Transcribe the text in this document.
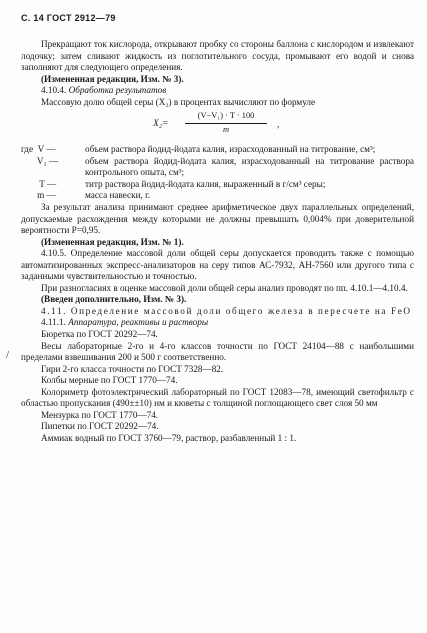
/
С. 14 ГОСТ 2912—79

Прекращают ток кислорода, открывают пробку со стороны баллона с кислородом и извлекают лодочку; затем сливают жидкость из поглотительного сосуда, промывают его водой и снова заполняют для следующего определения.

(Измененная редакция, Изм. № 3).

4.10.4. Обработка результатов

Массовую долю общей серы (X₂) в процентах вычисляют по формуле

$X_2= \frac{\text{(V−V₁) · T · 100}}{m}$ ,
где  V —	объем раствора йодид-йодата калия, израсходованный на титрование, см³;
V₁ —	объем раствора йодид-йодата калия, израсходованный на титрование раствора контрольного опыта, см³;
T —	титр раствора йодид-йодата калия, выраженный в г/см³ серы;
m —	масса навески, г.

За результат анализа принимают среднее арифметическое двух параллельных определений, допускаемые расхождения между которыми не должны превышать 0,004% при доверительной вероятности P=0,95.

(Измененная редакция, Изм. № 1).

4.10.5. Определение массовой доли общей серы допускается проводить также с помощью автоматизированных экспресс-анализаторов на серу типов АС-7932, АН-7560 или другого типа с заданными чувствительностью и точностью.

При разногласиях в оценке массовой доли общей серы анализ проводят по пп. 4.10.1—4.10.4.

(Введен дополнительно, Изм. № 3).

4.11. Определение массовой доли общего железа в пересчете на FeO

4.11.1. Аппаратура, реактивы и растворы

Бюретка по ГОСТ 20292—74.

Весы лабораторные 2-го и 4-го классов точности по ГОСТ 24104—88 с наибольшими пределами взвешивания 200 и 500 г соответственно.

Гири 2-го класса точности по ГОСТ 7328—82.

Колбы мерные по ГОСТ 1770—74.

Колориметр фотоэлектрический лабораторный по ГОСТ 12083—78, имеющий светофильтр с областью пропускания (490±±10) нм и кюветы с толщиной поглощающего свет слоя 50 мм

Мензурка по ГОСТ 1770—74.

Пипетки по ГОСТ 20292—74.

Аммиак водный по ГОСТ 3760—79, раствор, разбавленный 1 : 1.
